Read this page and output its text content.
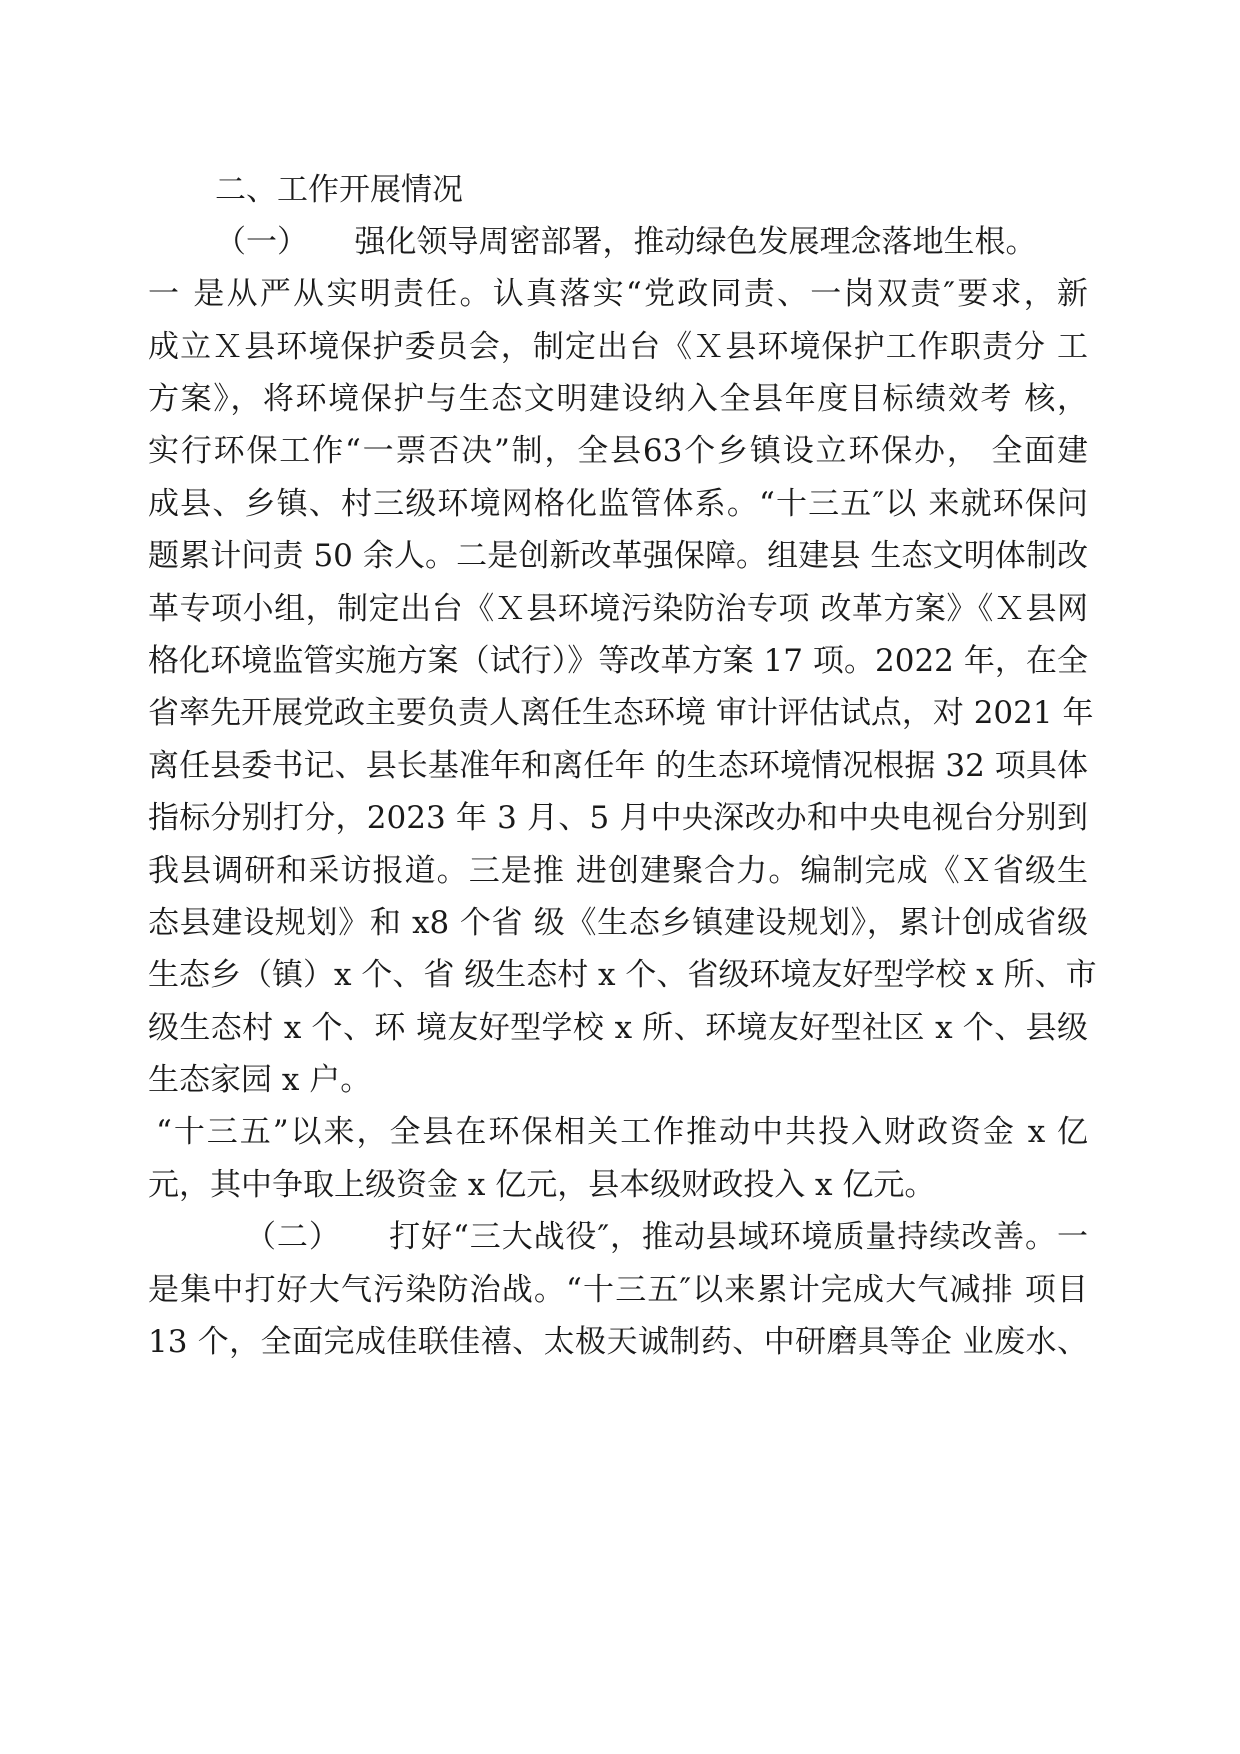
二、工作开展情况
（一）　　强化领导周密部署，推动绿色发展理念落地生根。
一 是从严从实明责任。认真落实“党政同责、一岗双责″要求，新
成立Ｘ县环境保护委员会，制定出台《Ｘ县环境保护工作职责分 工
方案》，将环境保护与生态文明建设纳入全县年度目标绩效考 核，
实行环保工作“一票否决”制，全县63个乡镇设立环保办， 全面建
成县、乡镇、村三级环境网格化监管体系。“十三五″以 来就环保问
题累计问责 50 余人。二是创新改革强保障。组建县 生态文明体制改
革专项小组，制定出台《Ｘ县环境污染防治专项 改革方案》《Ｘ县网
格化环境监管实施方案（试行）》等改革方案 17 项。2022 年，在全
省率先开展党政主要负责人离任生态环境 审计评估试点，对 2021 年
离任县委书记、县长基准年和离任年 的生态环境情况根据 32 项具体
指标分别打分，2023 年 3 月、5 月中央深改办和中央电视台分别到
我县调研和采访报道。三是推 进创建聚合力。编制完成《Ｘ省级生
态县建设规划》和 x8 个省 级《生态乡镇建设规划》，累计创成省级
生态乡（镇）x 个、省 级生态村 x 个、省级环境友好型学校 x 所、市
级生态村 x 个、环 境友好型学校 x 所、环境友好型社区 x 个、县级
生态家园 x 户。
“十三五”以来，全县在环保相关工作推动中共投入财政资金 x 亿
元，其中争取上级资金 x 亿元，县本级财政投入 x 亿元。
（二）　　打好“三大战役″，推动县域环境质量持续改善。一
是集中打好大气污染防治战。“十三五″以来累计完成大气减排 项目
13 个，全面完成佳联佳禧、太极天诚制药、中研磨具等企 业废水、
